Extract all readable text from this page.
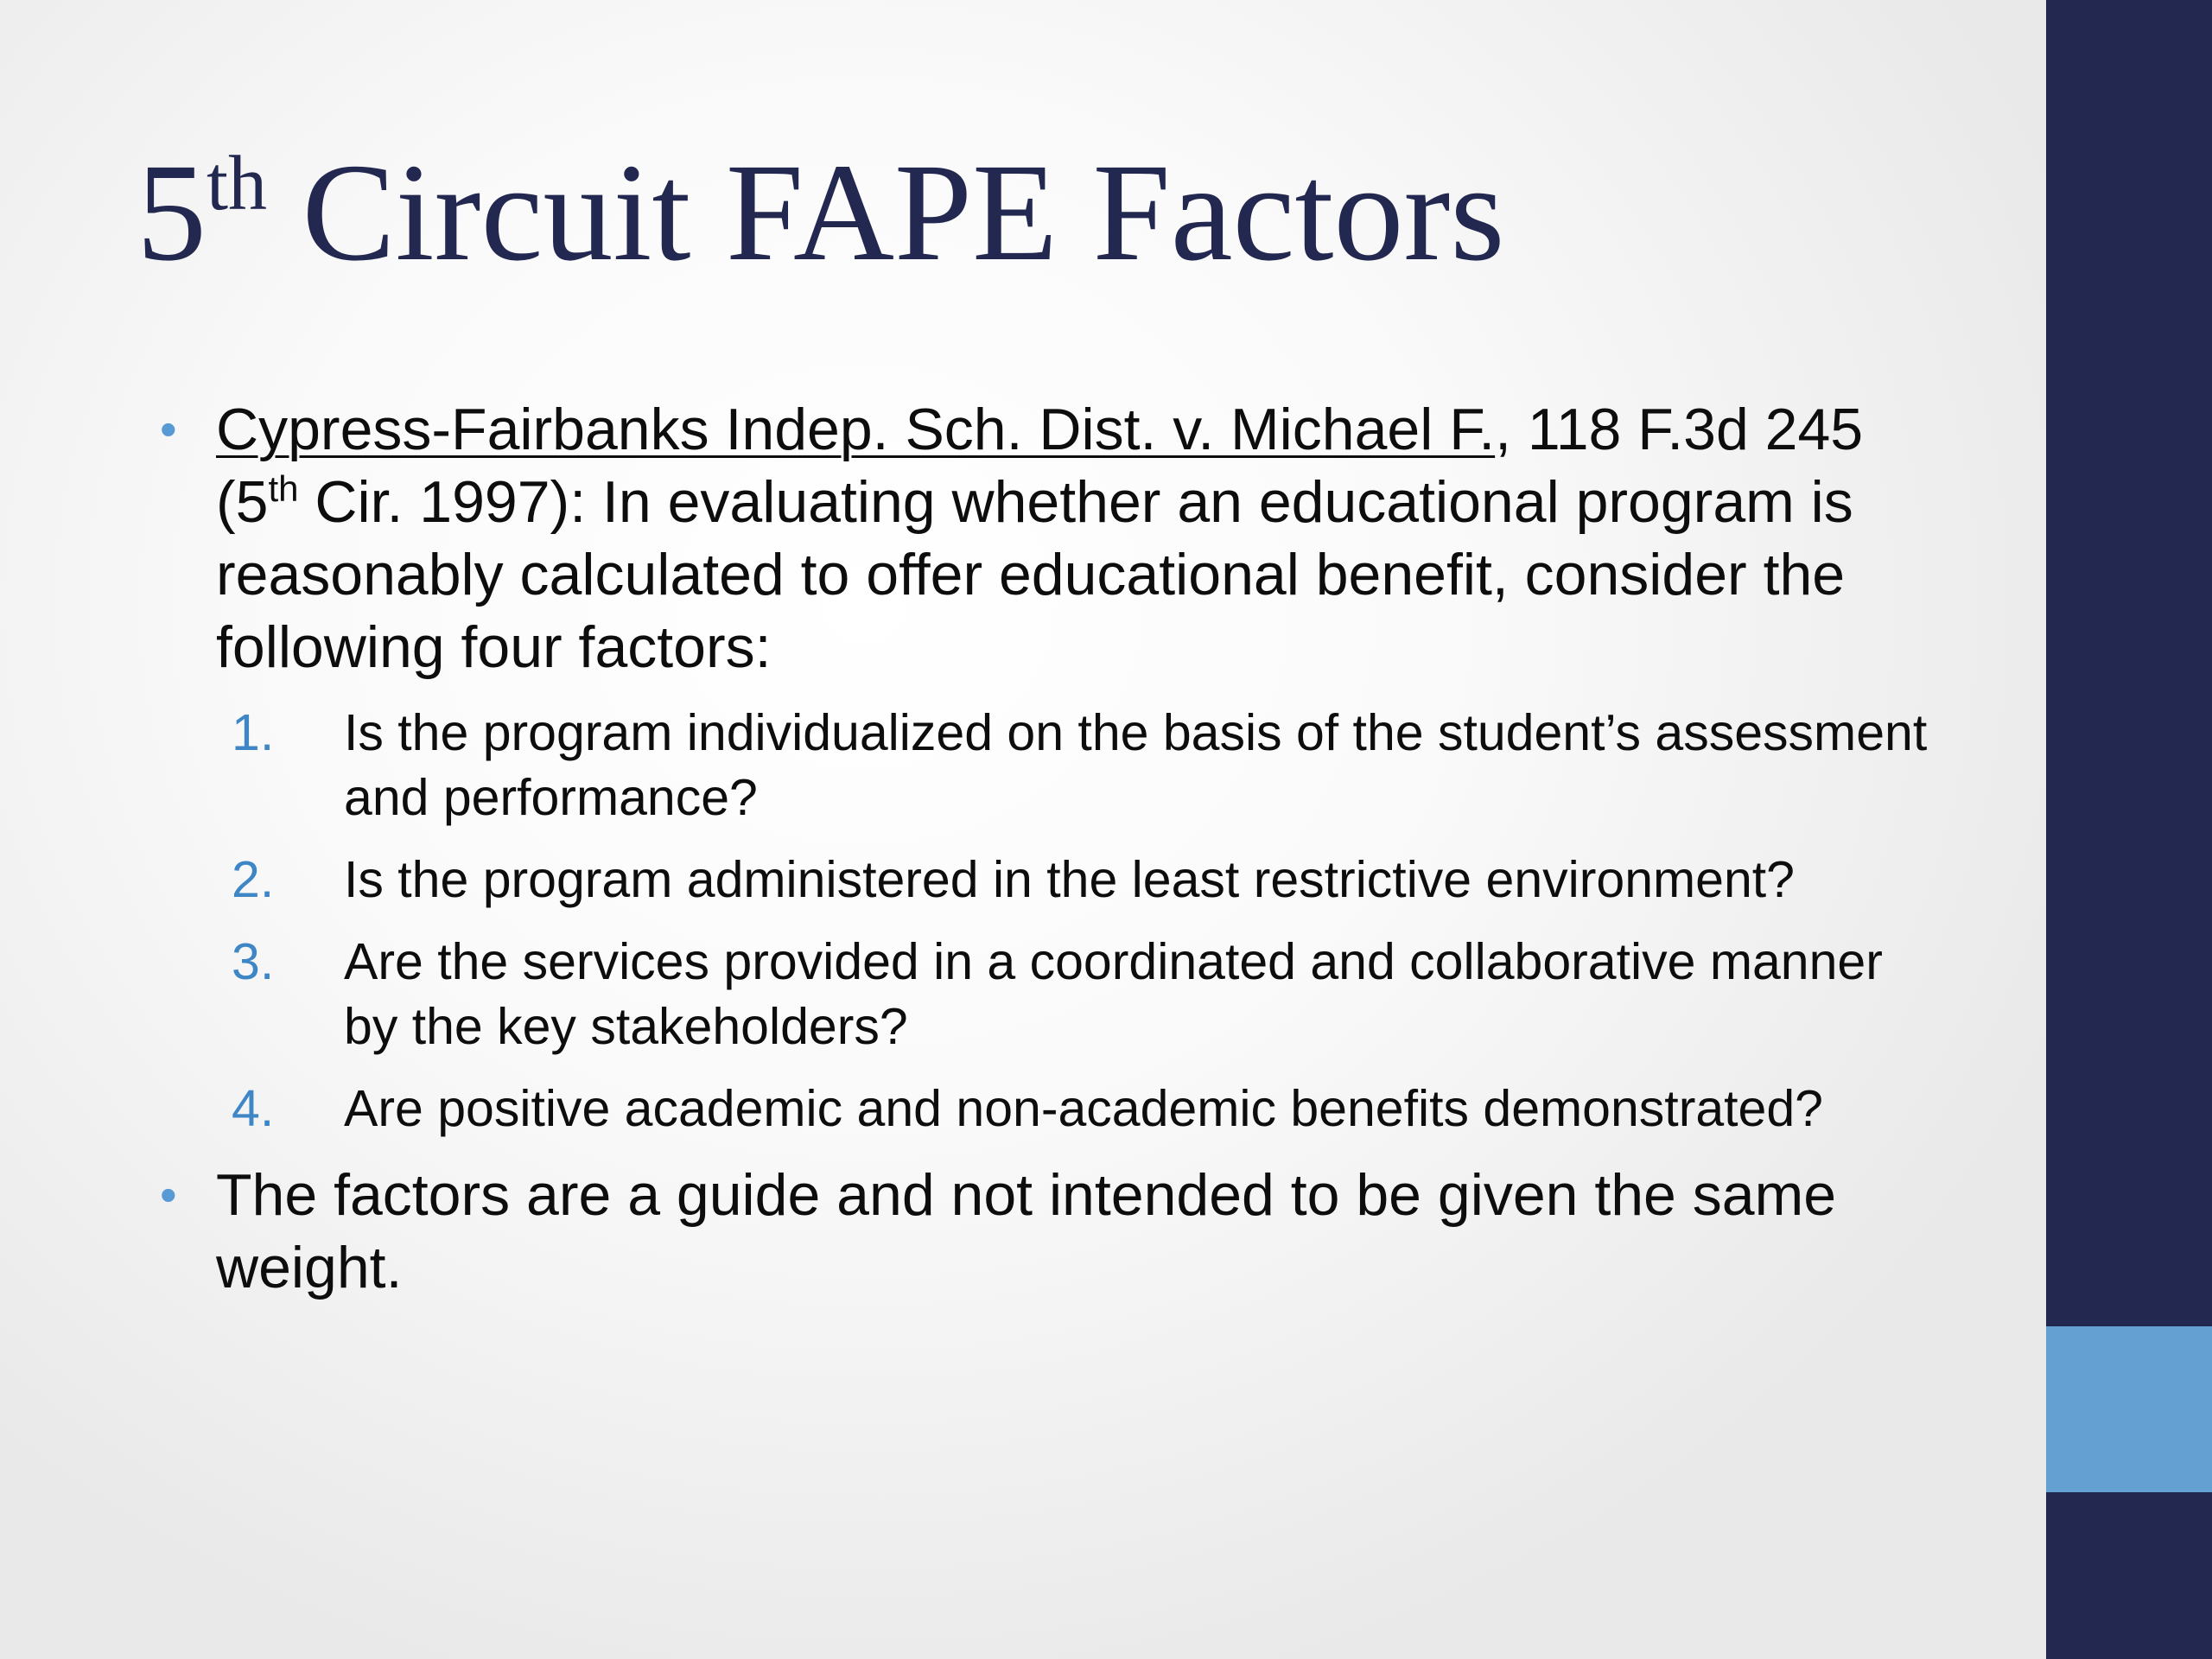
5th Circuit FAPE Factors

• Cypress-Fairbanks Indep. Sch. Dist. v. Michael F., 118 F.3d 245 (5th Cir. 1997): In evaluating whether an educational program is reasonably calculated to offer educational benefit, consider the following four factors:

1. Is the program individualized on the basis of the student’s assessment and performance?
2. Is the program administered in the least restrictive environment?
3. Are the services provided in a coordinated and collaborative manner by the key stakeholders?
4. Are positive academic and non-academic benefits demonstrated?

• The factors are a guide and not intended to be given the same weight.
